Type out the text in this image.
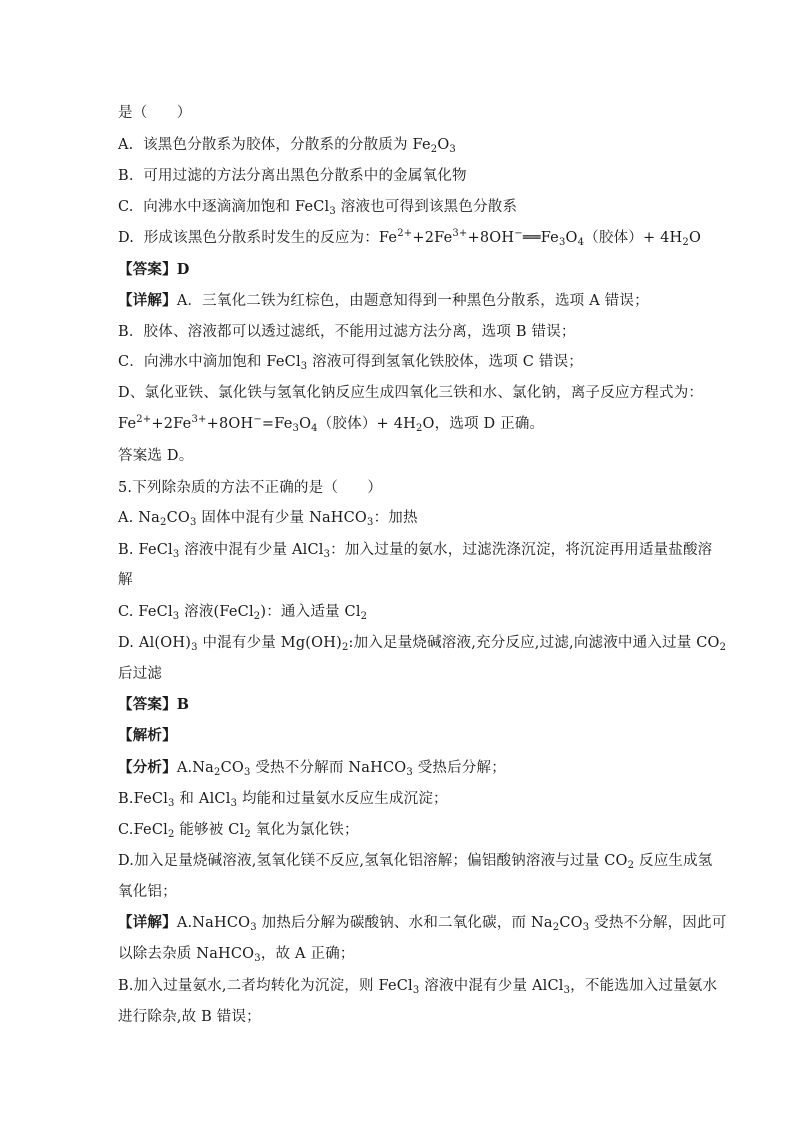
是（　　）
A.  该黑色分散系为胶体，分散系的分散质为 $Fe_2O_3$
B.  可用过滤的方法分离出黑色分散系中的金属氧化物
C.  向沸水中逐滴滴加饱和 FeCl$_3$ 溶液也可得到该黑色分散系
D.  形成该黑色分散系时发生的反应为：$Fe^{2+}+2Fe^{3+}+8OH^-══Fe_3O_4$（胶体）+ $4H_2O$
【答案】D
【详解】A．三氧化二铁为红棕色，由题意知得到一种黑色分散系，选项 A 错误；
B．胶体、溶液都可以透过滤纸，不能用过滤方法分离，选项 B 错误；
C．向沸水中滴加饱和 FeCl$_3$ 溶液可得到氢氧化铁胶体，选项 C 错误；
D、氯化亚铁、氯化铁与氢氧化钠反应生成四氧化三铁和水、氯化钠，离子反应方程式为：
$Fe^{2+}+2Fe^{3+}+8OH^-=Fe_3O_4$（胶体）+ $4H_2O$，选项 D 正确。
答案选 D。
5.下列除杂质的方法不正确的是（　　）
A. $Na_2CO_3$ 固体中混有少量 NaHCO$_3$：加热
B. FeCl$_3$ 溶液中混有少量 AlCl$_3$：加入过量的氨水，过滤洗涤沉淀，将沉淀再用适量盐酸溶
解
C. FeCl$_3$ 溶液(FeCl$_2$)：通入适量 $Cl_2$
D. $Al(OH)_3$ 中混有少量 $Mg(OH)_2$:加入足量烧碱溶液,充分反应,过滤,向滤液中通入过量 $CO_2$
后过滤
【答案】B
【解析】
【分析】$A.Na_2CO_3$ 受热不分解而 NaHCO$_3$ 受热后分解；
B.FeCl$_3$ 和 AlCl$_3$ 均能和过量氨水反应生成沉淀；
C.FeCl$_2$ 能够被 $Cl_2$ 氧化为氯化铁；
D.加入足量烧碱溶液,氢氧化镁不反应,氢氧化铝溶解；偏铝酸钠溶液与过量 $CO_2$ 反应生成氢
氧化铝；
【详解】A.NaHCO$_3$ 加热后分解为碳酸钠、水和二氧化碳，而 $Na_2CO_3$ 受热不分解，因此可
以除去杂质 NaHCO$_3$，故 A 正确；
B.加入过量氨水,二者均转化为沉淀，则 FeCl$_3$ 溶液中混有少量 AlCl$_3$，不能选加入过量氨水
进行除杂,故 B 错误；
